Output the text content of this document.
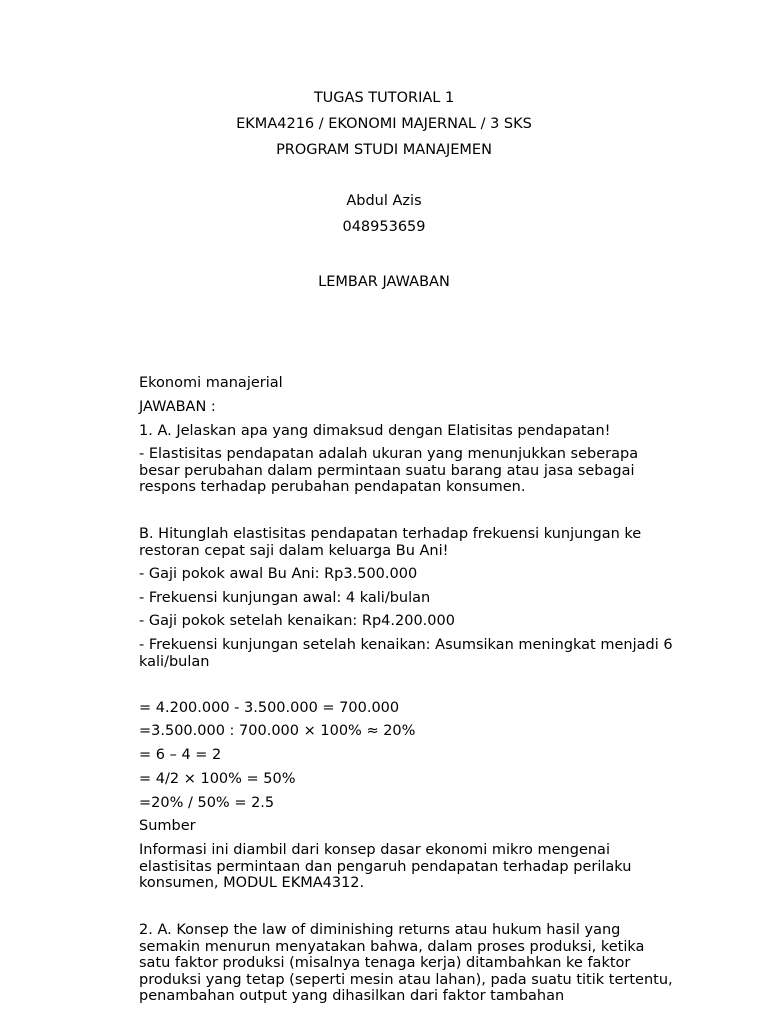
TUGAS TUTORIAL 1
EKMA4216 / EKONOMI MAJERNAL / 3 SKS
PROGRAM STUDI MANAJEMEN
Abdul Azis
048953659
LEMBAR JAWABAN
Ekonomi manajerial
JAWABAN :
1. A. Jelaskan apa yang dimaksud dengan Elatisitas pendapatan!
- Elastisitas pendapatan adalah ukuran yang menunjukkan seberapa besar perubahan dalam permintaan suatu barang atau jasa sebagai respons terhadap perubahan pendapatan konsumen.
B. Hitunglah elastisitas pendapatan terhadap frekuensi kunjungan ke restoran cepat saji dalam keluarga Bu Ani!
- Gaji pokok awal Bu Ani: Rp3.500.000
- Frekuensi kunjungan awal: 4 kali/bulan
- Gaji pokok setelah kenaikan: Rp4.200.000
- Frekuensi kunjungan setelah kenaikan: Asumsikan meningkat menjadi 6 kali/bulan
= 4.200.000 - 3.500.000 = 700.000
=3.500.000 : 700.000 × 100% ≈ 20%
= 6 – 4 = 2
= 4/2 × 100% = 50%
=20% / 50% = 2.5
Sumber
Informasi ini diambil dari konsep dasar ekonomi mikro mengenai elastisitas permintaan dan pengaruh pendapatan terhadap perilaku konsumen, MODUL EKMA4312.
2. A. Konsep the law of diminishing returns atau hukum hasil yang semakin menurun menyatakan bahwa, dalam proses produksi, ketika satu faktor produksi (misalnya tenaga kerja) ditambahkan ke faktor produksi yang tetap (seperti mesin atau lahan), pada suatu titik tertentu, penambahan output yang dihasilkan dari faktor tambahan
